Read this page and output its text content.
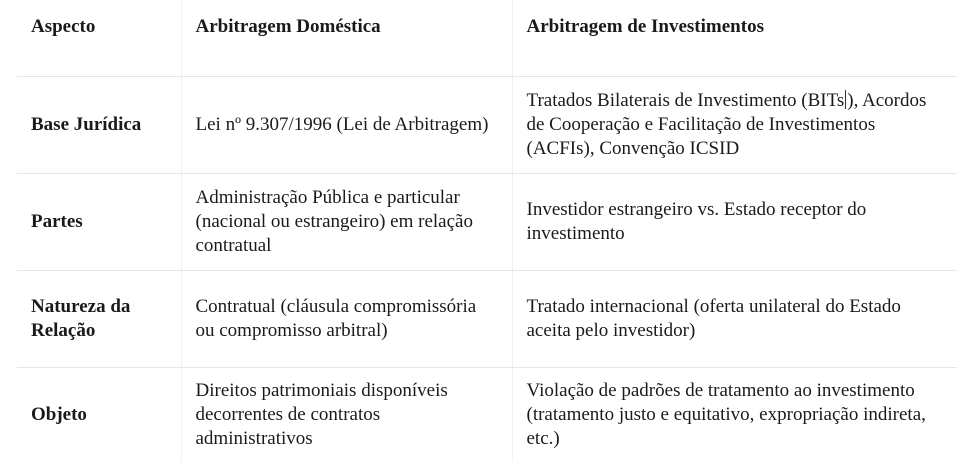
Aspecto	Arbitragem Doméstica	Arbitragem de Investimentos
Base Jurídica	Lei nº 9.307/1996 (Lei de Arbitragem)	Tratados Bilaterais de Investimento (BITs ), Acordos de Cooperação e Facilitação de Investimentos (ACFIs), Convenção ICSID
Partes	Administração Pública e particular (nacional ou estrangeiro) em relação contratual	Investidor estrangeiro vs. Estado receptor do investimento
Natureza da Relação	Contratual (cláusula compromissória ou compromisso arbitral)	Tratado internacional (oferta unilateral do Estado aceita pelo investidor)
Objeto	Direitos patrimoniais disponíveis decorrentes de contratos administrativos	Violação de padrões de tratamento ao investimento (tratamento justo e equitativo, expropriação indireta, etc.)
